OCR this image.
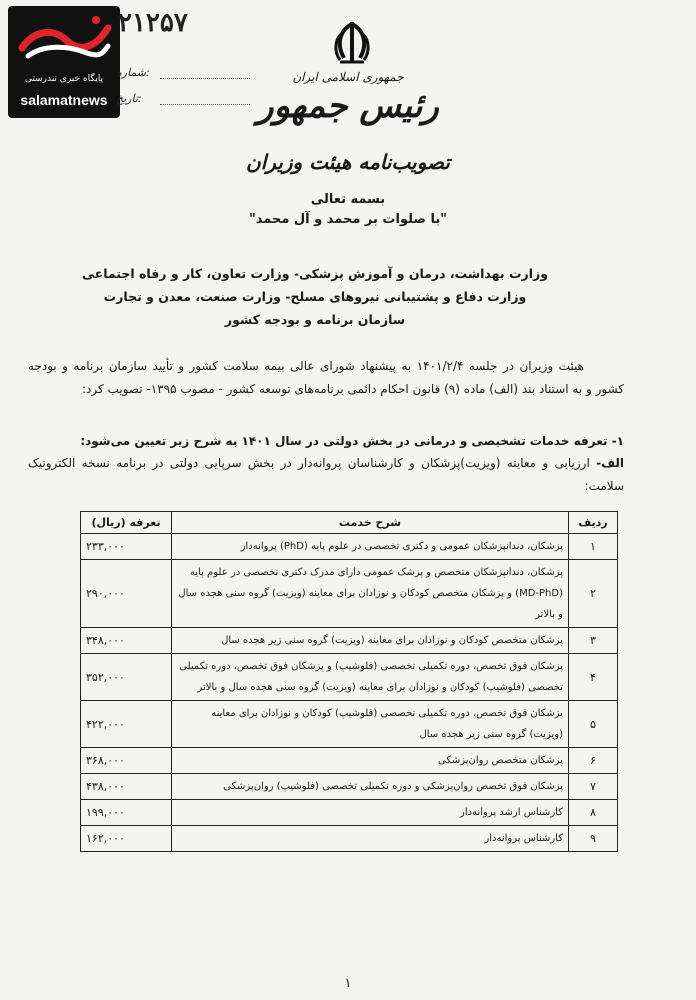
پایگاه خبری تندرستی
salamatnews
۲۱۲۵۷
شماره:
تاریخ:
جمهوری اسلامی ایران
رئیس جمهور
تصویب‌نامه هیئت وزیران
بسمه تعالی
"با صلوات بر محمد و آل محمد"
وزارت بهداشت، درمان و آموزش پزشکی- وزارت تعاون، کار و رفاه اجتماعی
وزارت دفاع و پشتیبانی نیروهای مسلح- وزارت صنعت، معدن و تجارت
سازمان برنامه و بودجه کشور
هیئت وزیران در جلسه ۱۴۰۱/۲/۴ به پیشنهاد شورای عالی بیمه سلامت کشور و تأیید سازمان برنامه و بودجه کشور و به استناد بند (الف) ماده (۹) قانون احکام دائمی برنامه‌های توسعه کشور - مصوب ۱۳۹۵- تصویب کرد:
۱- تعرفه خدمات تشخیصی و درمانی در بخش دولتی در سال ۱۴۰۱ به شرح زیر تعیین می‌شود:
الف- ارزیابی و معاینه (ویزیت)پزشکان و کارشناسان پروانه‌دار در بخش سرپایی دولتی در برنامه نسخه الکترونیک سلامت:
ردیف	شرح خدمت	تعرفه (ریال)
۱	پزشکان، دندانپزشکان عمومی و دکتری تخصصی در علوم پایه (PhD) پروانه‌دار	۲۳۳,۰۰۰
۲	پزشکان، دندانپزشکان متخصص و پزشک عمومی دارای مدرک دکتری تخصصی در علوم پایه (MD-PhD) و پزشکان متخصص کودکان و نوزادان برای معاینه (ویزیت) گروه سنی هجده سال و بالاتر	۲۹۰,۰۰۰
۳	پزشکان متخصص کودکان و نوزادان برای معاینه (ویزیت) گروه سنی زیر هجده سال	۳۴۸,۰۰۰
۴	پزشکان فوق تخصص، دوره تکمیلی تخصصی (فلوشیپ) و پزشکان فوق تخصص، دوره تکمیلی تخصصی (فلوشیپ) کودکان و نوزادان برای معاینه (ویزیت) گروه سنی هجده سال و بالاتر	۳۵۲,۰۰۰
۵	پزشکان فوق تخصص، دوره تکمیلی تخصصی (فلوشیپ) کودکان و نوزادان برای معاینه (ویزیت) گروه سنی زیر هجده سال	۴۲۲,۰۰۰
۶	پزشکان متخصص روان‌پزشکی	۳۶۸,۰۰۰
۷	پزشکان فوق تخصص روان‌پزشکی و دوره تکمیلی تخصصی (فلوشیپ) روان‌پزشکی	۴۳۸,۰۰۰
۸	کارشناس ارشد پروانه‌دار	۱۹۹,۰۰۰
۹	کارشناس پروانه‌دار	۱۶۲,۰۰۰
۱
